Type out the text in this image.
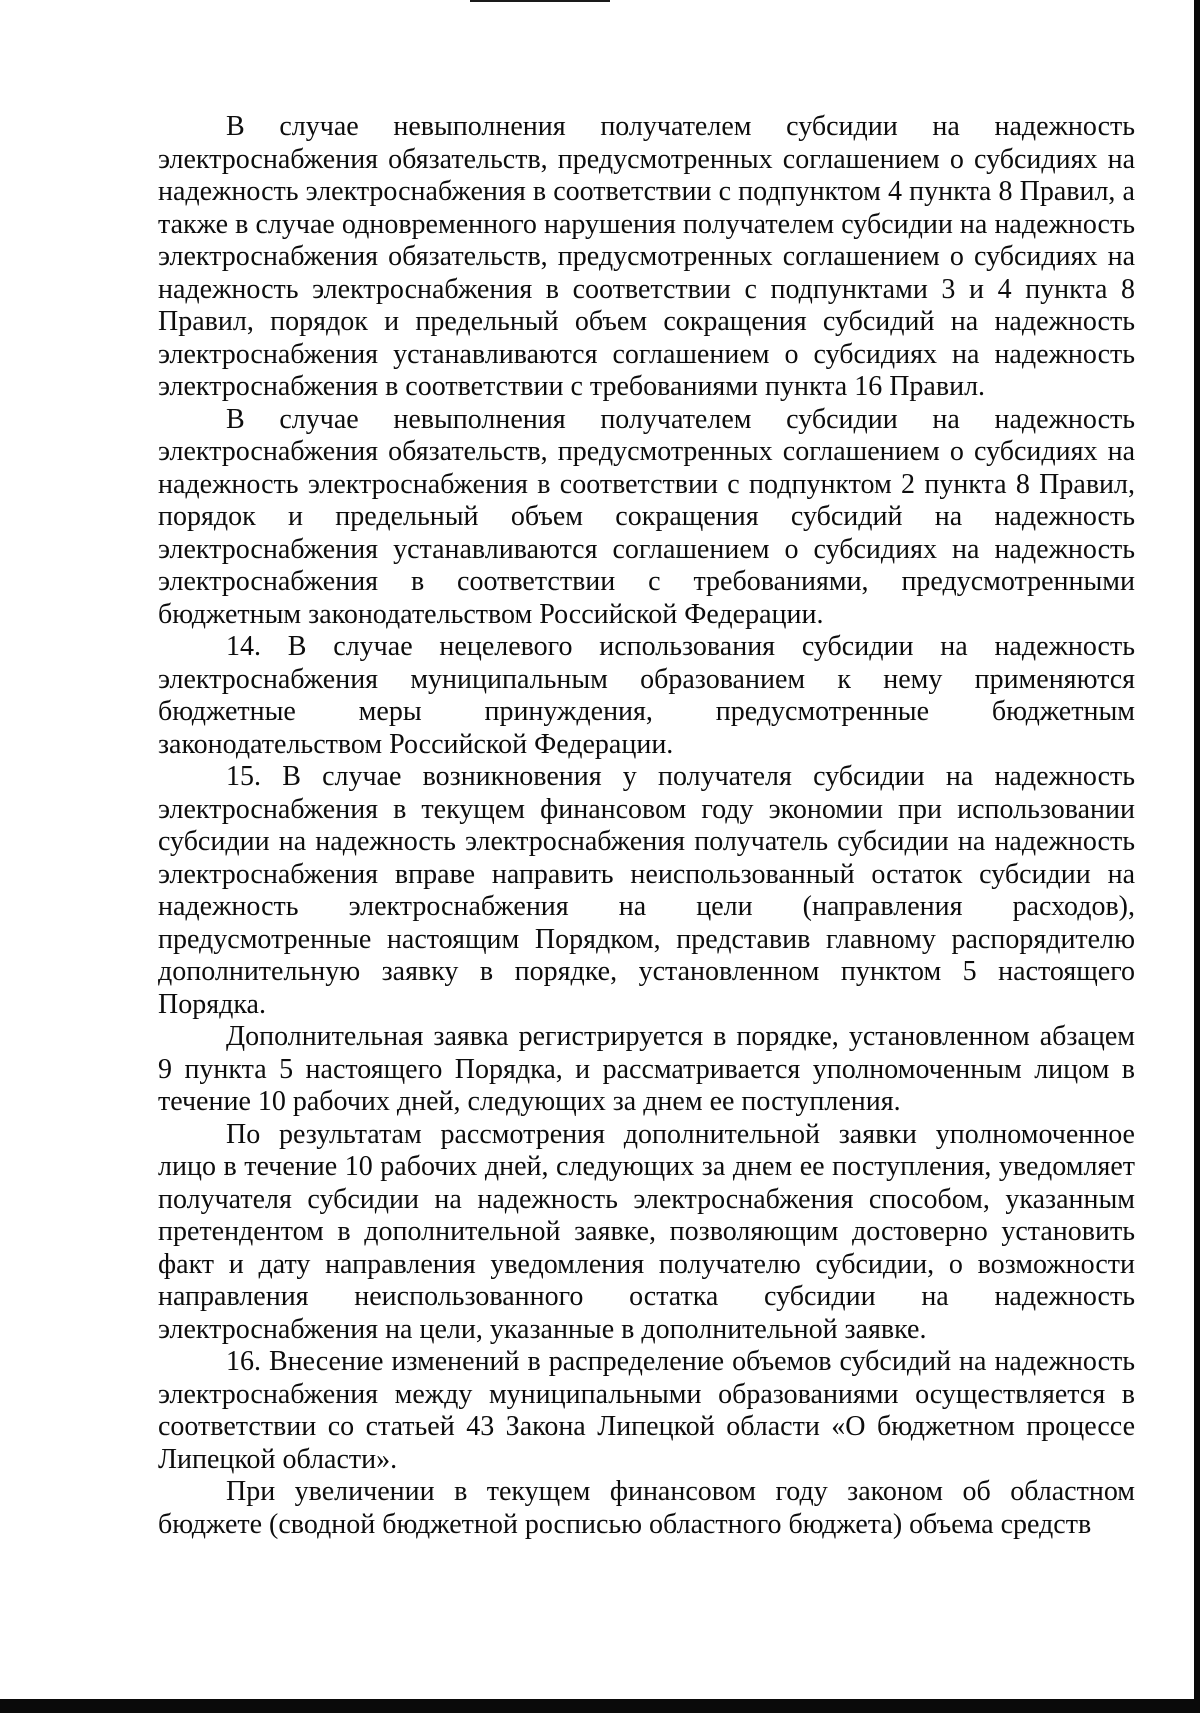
В случае невыполнения получателем субсидии на надежность электроснабжения обязательств, предусмотренных соглашением о субсидиях на надежность электроснабжения в соответствии с подпунктом 4 пункта 8 Правил, а также в случае одновременного нарушения получателем субсидии на надежность электроснабжения обязательств, предусмотренных соглашением о субсидиях на надежность электроснабжения в соответствии с подпунктами 3 и 4 пункта 8 Правил, порядок и предельный объем сокращения субсидий на надежность электроснабжения устанавливаются соглашением о субсидиях на надежность электроснабжения в соответствии с требованиями пункта 16 Правил.

В случае невыполнения получателем субсидии на надежность электроснабжения обязательств, предусмотренных соглашением о субсидиях на надежность электроснабжения в соответствии с подпунктом 2 пункта 8 Правил, порядок и предельный объем сокращения субсидий на надежность электроснабжения устанавливаются соглашением о субсидиях на надежность электроснабжения в соответствии с требованиями, предусмотренными бюджетным законодательством Российской Федерации.

14. В случае нецелевого использования субсидии на надежность электроснабжения муниципальным образованием к нему применяются бюджетные меры принуждения, предусмотренные бюджетным законодательством Российской Федерации.

15. В случае возникновения у получателя субсидии на надежность электроснабжения в текущем финансовом году экономии при использовании субсидии на надежность электроснабжения получатель субсидии на надежность электроснабжения вправе направить неиспользованный остаток субсидии на надежность электроснабжения на цели (направления расходов), предусмотренные настоящим Порядком, представив главному распорядителю дополнительную заявку в порядке, установленном пунктом 5 настоящего Порядка.

Дополнительная заявка регистрируется в порядке, установленном абзацем 9 пункта 5 настоящего Порядка, и рассматривается уполномоченным лицом в течение 10 рабочих дней, следующих за днем ее поступления.

По результатам рассмотрения дополнительной заявки уполномоченное лицо в течение 10 рабочих дней, следующих за днем ее поступления, уведомляет получателя субсидии на надежность электроснабжения способом, указанным претендентом в дополнительной заявке, позволяющим достоверно установить факт и дату направления уведомления получателю субсидии, о возможности направления неиспользованного остатка субсидии на надежность электроснабжения на цели, указанные в дополнительной заявке.

16. Внесение изменений в распределение объемов субсидий на надежность электроснабжения между муниципальными образованиями осуществляется в соответствии со статьей 43 Закона Липецкой области «О бюджетном процессе Липецкой области».

При увеличении в текущем финансовом году законом об областном бюджете (сводной бюджетной росписью областного бюджета) объема средств
